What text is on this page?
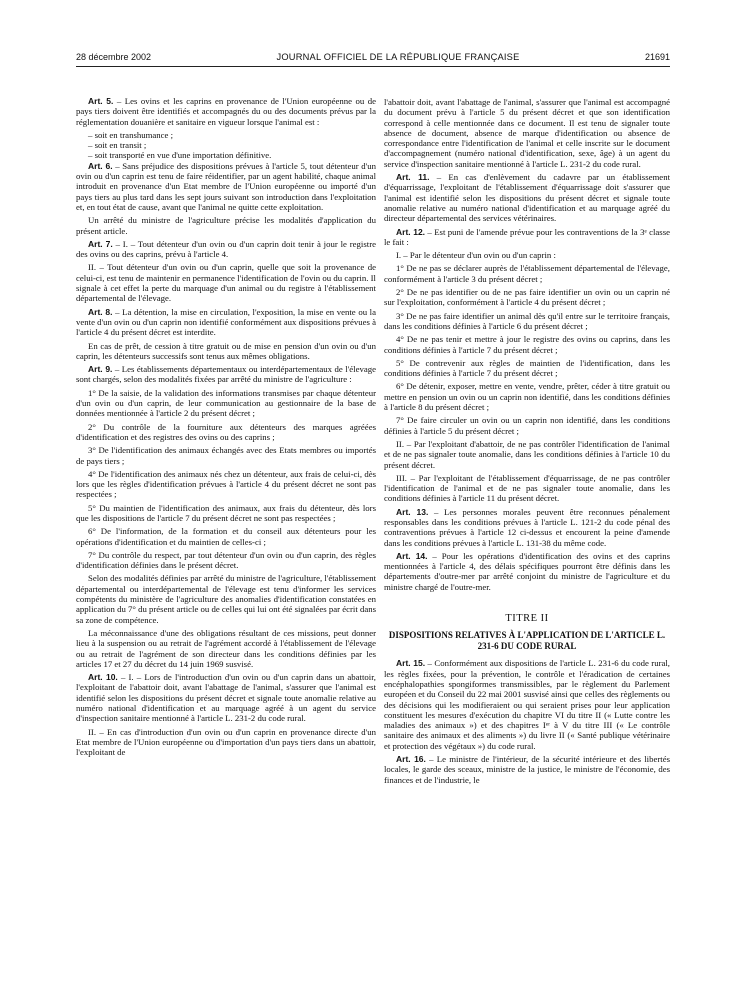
28 décembre 2002	JOURNAL OFFICIEL DE LA RÉPUBLIQUE FRANÇAISE	21691

Art. 5. – Les ovins et les caprins en provenance de l'Union européenne ou de pays tiers doivent être identifiés et accompagnés du ou des documents prévus par la réglementation douanière et sanitaire en vigueur lorsque l'animal est :

– soit en transhumance ;

– soit en transit ;

– soit transporté en vue d'une importation définitive.

Art. 6. – Sans préjudice des dispositions prévues à l'article 5, tout détenteur d'un ovin ou d'un caprin est tenu de faire réidentifier, par un agent habilité, chaque animal introduit en provenance d'un Etat membre de l'Union européenne ou importé d'un pays tiers au plus tard dans les sept jours suivant son introduction dans l'exploitation et, en tout état de cause, avant que l'animal ne quitte cette exploitation.

Un arrêté du ministre de l'agriculture précise les modalités d'application du présent article.

Art. 7. – I. – Tout détenteur d'un ovin ou d'un caprin doit tenir à jour le registre des ovins ou des caprins, prévu à l'article 4.

II. – Tout détenteur d'un ovin ou d'un caprin, quelle que soit la provenance de celui-ci, est tenu de maintenir en permanence l'identification de l'ovin ou du caprin. Il signale à cet effet la perte du marquage d'un animal ou du registre à l'établissement départemental de l'élevage.

Art. 8. – La détention, la mise en circulation, l'exposition, la mise en vente ou la vente d'un ovin ou d'un caprin non identifié conformément aux dispositions prévues à l'article 4 du présent décret est interdite.

En cas de prêt, de cession à titre gratuit ou de mise en pension d'un ovin ou d'un caprin, les détenteurs successifs sont tenus aux mêmes obligations.

Art. 9. – Les établissements départementaux ou interdépartementaux de l'élevage sont chargés, selon des modalités fixées par arrêté du ministre de l'agriculture :

1° De la saisie, de la validation des informations transmises par chaque détenteur d'un ovin ou d'un caprin, de leur communication au gestionnaire de la base de données mentionnée à l'article 2 du présent décret ;

2° Du contrôle de la fourniture aux détenteurs des marques agréées d'identification et des registres des ovins ou des caprins ;

3° De l'identification des animaux échangés avec des Etats membres ou importés de pays tiers ;

4° De l'identification des animaux nés chez un détenteur, aux frais de celui-ci, dès lors que les règles d'identification prévues à l'article 4 du présent décret ne sont pas respectées ;

5° Du maintien de l'identification des animaux, aux frais du détenteur, dès lors que les dispositions de l'article 7 du présent décret ne sont pas respectées ;

6° De l'information, de la formation et du conseil aux détenteurs pour les opérations d'identification et du maintien de celles-ci ;

7° Du contrôle du respect, par tout détenteur d'un ovin ou d'un caprin, des règles d'identification définies dans le présent décret.

Selon des modalités définies par arrêté du ministre de l'agriculture, l'établissement départemental ou interdépartemental de l'élevage est tenu d'informer les services compétents du ministère de l'agriculture des anomalies d'identification constatées en application du 7° du présent article ou de celles qui lui ont été signalées par écrit dans sa zone de compétence.

La méconnaissance d'une des obligations résultant de ces missions, peut donner lieu à la suspension ou au retrait de l'agrément accordé à l'établissement de l'élevage ou au retrait de l'agrément de son directeur dans les conditions définies par les articles 17 et 27 du décret du 14 juin 1969 susvisé.

Art. 10. – I. – Lors de l'introduction d'un ovin ou d'un caprin dans un abattoir, l'exploitant de l'abattoir doit, avant l'abattage de l'animal, s'assurer que l'animal est identifié selon les dispositions du présent décret et signale toute anomalie relative au numéro national d'identification et au marquage agréé à un agent du service d'inspection sanitaire mentionné à l'article L. 231-2 du code rural.

II. – En cas d'introduction d'un ovin ou d'un caprin en provenance directe d'un Etat membre de l'Union européenne ou d'importation d'un pays tiers dans un abattoir, l'exploitant de

l'abattoir doit, avant l'abattage de l'animal, s'assurer que l'animal est accompagné du document prévu à l'article 5 du présent décret et que son identification correspond à celle mentionnée dans ce document. Il est tenu de signaler toute absence de document, absence de marque d'identification ou absence de correspondance entre l'identification de l'animal et celle inscrite sur le document d'accompagnement (numéro national d'identification, sexe, âge) à un agent du service d'inspection sanitaire mentionné à l'article L. 231-2 du code rural.

Art. 11. – En cas d'enlèvement du cadavre par un établissement d'équarrissage, l'exploitant de l'établissement d'équarrissage doit s'assurer que l'animal est identifié selon les dispositions du présent décret et signale toute anomalie relative au numéro national d'identification et au marquage agréé du directeur départemental des services vétérinaires.

Art. 12. – Est puni de l'amende prévue pour les contraventions de la 3ᵉ classe le fait :

I. – Par le détenteur d'un ovin ou d'un caprin :

1° De ne pas se déclarer auprès de l'établissement départemental de l'élevage, conformément à l'article 3 du présent décret ;

2° De ne pas identifier ou de ne pas faire identifier un ovin ou un caprin né sur l'exploitation, conformément à l'article 4 du présent décret ;

3° De ne pas faire identifier un animal dès qu'il entre sur le territoire français, dans les conditions définies à l'article 6 du présent décret ;

4° De ne pas tenir et mettre à jour le registre des ovins ou caprins, dans les conditions définies à l'article 7 du présent décret ;

5° De contrevenir aux règles de maintien de l'identification, dans les conditions définies à l'article 7 du présent décret ;

6° De détenir, exposer, mettre en vente, vendre, prêter, céder à titre gratuit ou mettre en pension un ovin ou un caprin non identifié, dans les conditions définies à l'article 8 du présent décret ;

7° De faire circuler un ovin ou un caprin non identifié, dans les conditions définies à l'article 5 du présent décret ;

II. – Par l'exploitant d'abattoir, de ne pas contrôler l'identification de l'animal et de ne pas signaler toute anomalie, dans les conditions définies à l'article 10 du présent décret.

III. – Par l'exploitant de l'établissement d'équarrissage, de ne pas contrôler l'identification de l'animal et de ne pas signaler toute anomalie, dans les conditions définies à l'article 11 du présent décret.

Art. 13. – Les personnes morales peuvent être reconnues pénalement responsables dans les conditions prévues à l'article L. 121-2 du code pénal des contraventions prévues à l'article 12 ci-dessus et encourent la peine d'amende dans les conditions prévues à l'article L. 131-38 du même code.

Art. 14. – Pour les opérations d'identification des ovins et des caprins mentionnées à l'article 4, des délais spécifiques pourront être définis dans les départements d'outre-mer par arrêté conjoint du ministre de l'agriculture et du ministre chargé de l'outre-mer.

TITRE II

DISPOSITIONS RELATIVES À L'APPLICATION DE L'ARTICLE L. 231-6 DU CODE RURAL

Art. 15. – Conformément aux dispositions de l'article L. 231-6 du code rural, les règles fixées, pour la prévention, le contrôle et l'éradication de certaines encéphalopathies spongiformes transmissibles, par le règlement du Parlement européen et du Conseil du 22 mai 2001 susvisé ainsi que celles des règlements ou des décisions qui les modifieraient ou qui seraient prises pour leur application constituent les mesures d'exécution du chapitre VI du titre II (« Lutte contre les maladies des animaux ») et des chapitres Iᵉʳ à V du titre III (« Le contrôle sanitaire des animaux et des aliments ») du livre II (« Santé publique vétérinaire et protection des végétaux ») du code rural.

Art. 16. – Le ministre de l'intérieur, de la sécurité intérieure et des libertés locales, le garde des sceaux, ministre de la justice, le ministre de l'économie, des finances et de l'industrie, le
